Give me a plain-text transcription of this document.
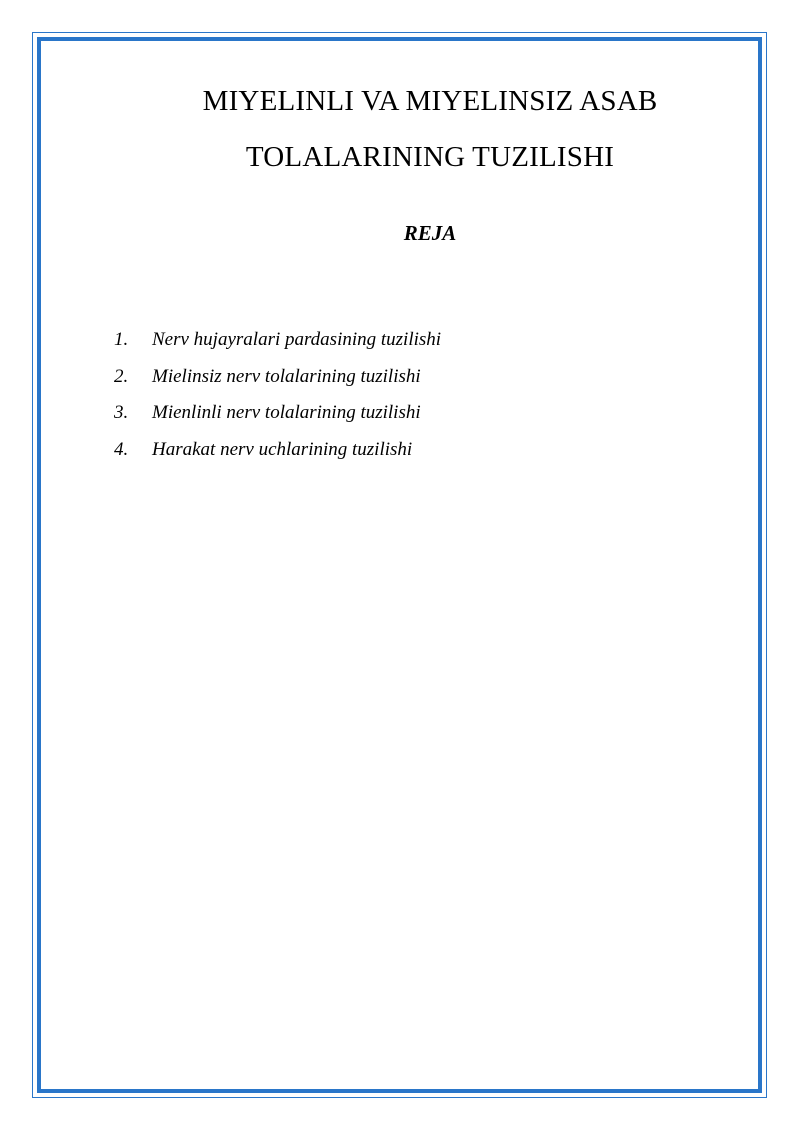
MIYELINLI VA MIYELINSIZ ASAB
TOLALARINING TUZILISHI
REJA
1.	Nerv hujayralari pardasining tuzilishi
2.	Mielinsiz nerv tolalarining tuzilishi
3.	Mienlinli nerv tolalarining tuzilishi
4.	Harakat nerv uchlarining tuzilishi
